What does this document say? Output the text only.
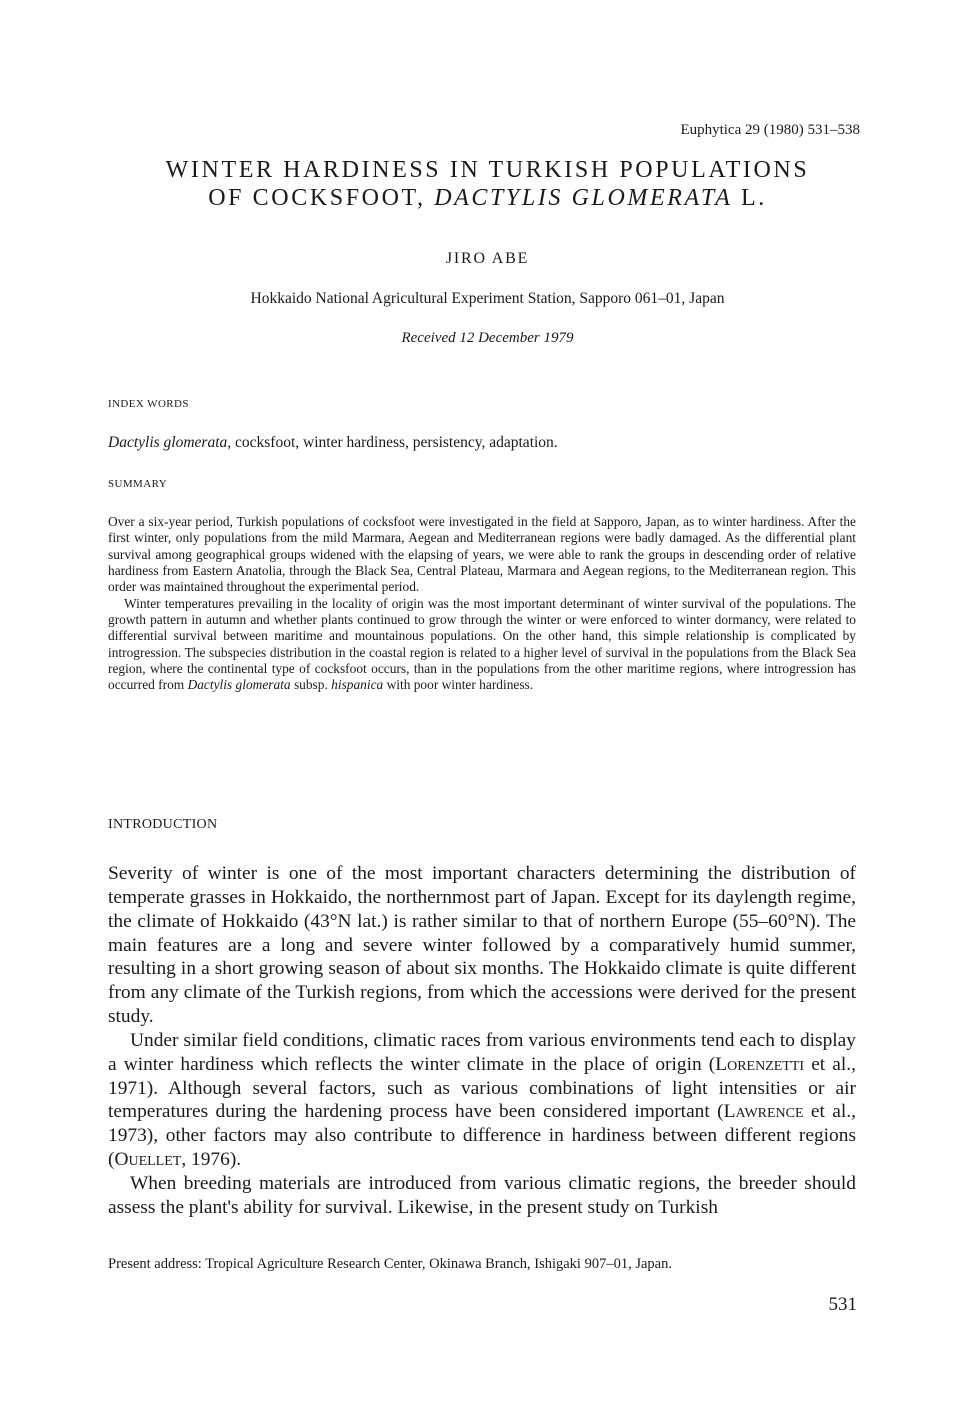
Euphytica 29 (1980) 531–538
WINTER HARDINESS IN TURKISH POPULATIONS
OF COCKSFOOT, DACTYLIS GLOMERATA L.
JIRO ABE
Hokkaido National Agricultural Experiment Station, Sapporo 061–01, Japan
Received 12 December 1979
INDEX WORDS
Dactylis glomerata, cocksfoot, winter hardiness, persistency, adaptation.
SUMMARY

Over a six-year period, Turkish populations of cocksfoot were investigated in the field at Sapporo, Japan, as to winter hardiness. After the first winter, only populations from the mild Marmara, Aegean and Mediterranean regions were badly damaged. As the differential plant survival among geographical groups widened with the elapsing of years, we were able to rank the groups in descending order of relative hardiness from Eastern Anatolia, through the Black Sea, Central Plateau, Marmara and Aegean regions, to the Mediterranean region. This order was maintained throughout the experimental period.

Winter temperatures prevailing in the locality of origin was the most important determinant of winter survival of the populations. The growth pattern in autumn and whether plants continued to grow through the winter or were enforced to winter dormancy, were related to differential survival between maritime and mountainous populations. On the other hand, this simple relationship is complicated by introgression. The subspecies distribution in the coastal region is related to a higher level of survival in the populations from the Black Sea region, where the continental type of cocksfoot occurs, than in the populations from the other maritime regions, where introgression has occurred from Dactylis glomerata subsp. hispanica with poor winter hardiness.

INTRODUCTION

Severity of winter is one of the most important characters determining the distribution of temperate grasses in Hokkaido, the northernmost part of Japan. Except for its daylength regime, the climate of Hokkaido (43°N lat.) is rather similar to that of northern Europe (55–60°N). The main features are a long and severe winter followed by a comparatively humid summer, resulting in a short growing season of about six months. The Hokkaido climate is quite different from any climate of the Turkish regions, from which the accessions were derived for the present study.

Under similar field conditions, climatic races from various environments tend each to display a winter hardiness which reflects the winter climate in the place of origin (Lorenzetti et al., 1971). Although several factors, such as various combinations of light intensities or air temperatures during the hardening process have been considered important (Lawrence et al., 1973), other factors may also contribute to difference in hardiness between different regions (Ouellet, 1976).

When breeding materials are introduced from various climatic regions, the breeder should assess the plant's ability for survival. Likewise, in the present study on Turkish

Present address: Tropical Agriculture Research Center, Okinawa Branch, Ishigaki 907–01, Japan.
531
